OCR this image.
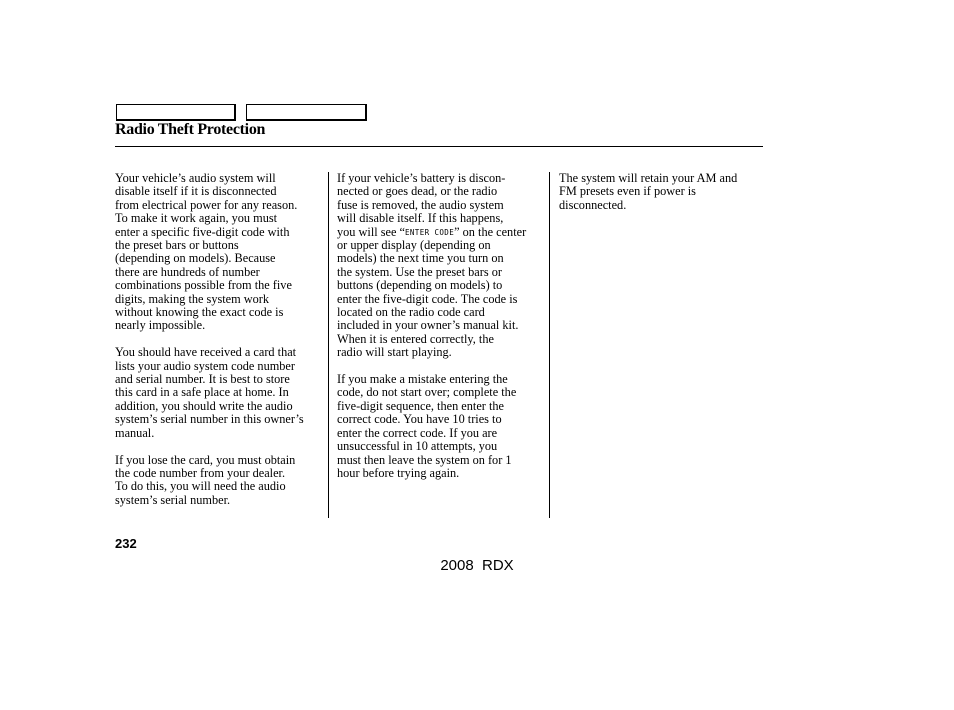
Radio Theft Protection

Your vehicle’s audio system will
disable itself if it is disconnected
from electrical power for any reason.
To make it work again, you must
enter a specific five-digit code with
the preset bars or buttons
(depending on models). Because
there are hundreds of number
combinations possible from the five
digits, making the system work
without knowing the exact code is
nearly impossible.

You should have received a card that
lists your audio system code number
and serial number. It is best to store
this card in a safe place at home. In
addition, you should write the audio
system’s serial number in this owner’s
manual.

If you lose the card, you must obtain
the code number from your dealer.
To do this, you will need the audio
system’s serial number.

If your vehicle’s battery is discon-
nected or goes dead, or the radio
fuse is removed, the audio system
will disable itself. If this happens,
you will see “ENTER CODE” on the center
or upper display (depending on
models) the next time you turn on
the system. Use the preset bars or
buttons (depending on models) to
enter the five-digit code. The code is
located on the radio code card
included in your owner’s manual kit.
When it is entered correctly, the
radio will start playing.

If you make a mistake entering the
code, do not start over; complete the
five-digit sequence, then enter the
correct code. You have 10 tries to
enter the correct code. If you are
unsuccessful in 10 attempts, you
must then leave the system on for 1
hour before trying again.

The system will retain your AM and
FM presets even if power is
disconnected.

232
2008  RDX
